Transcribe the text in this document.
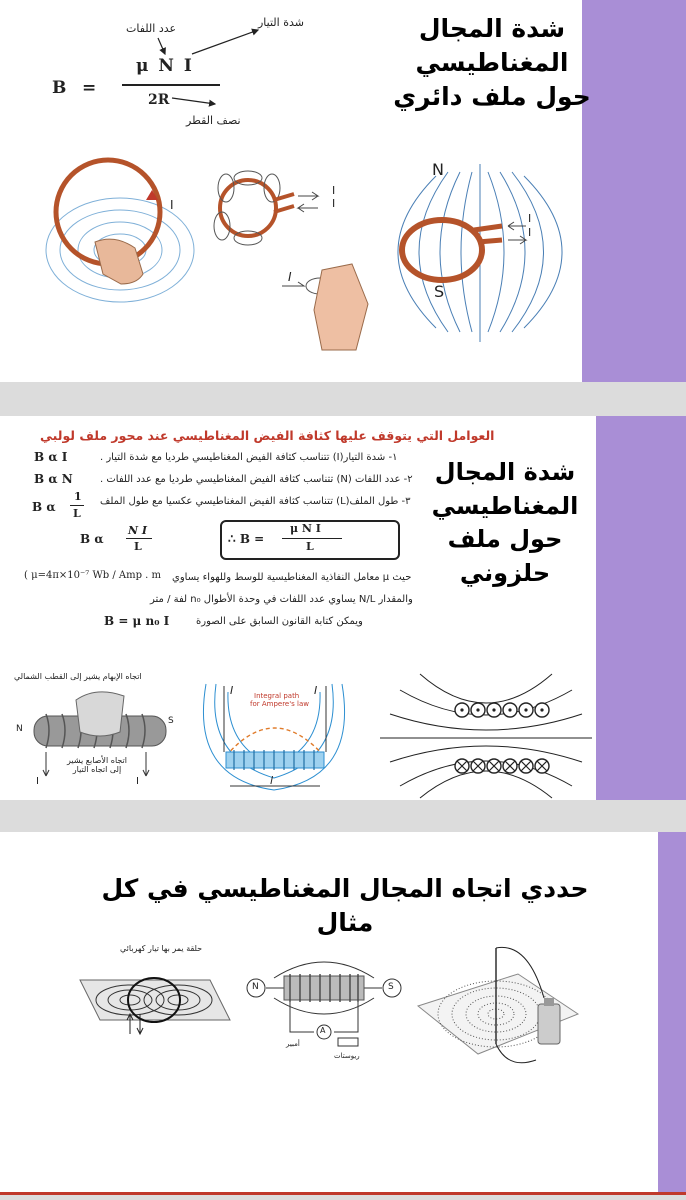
شدة المجال المغناطيسي حول ملف دائري
B =
μ N I
2R
عدد اللفات	شدة التيار
نصف القطر
I
I
I
I
N
S
I
I
شدة المجال المغناطيسي حول ملف حلزوني
العوامل التي يتوقف عليها كثافة الفيض المغناطيسي عند محور ملف لولبي
١- شدة التيار(I) تتناسب كثافة الفيض المغناطيسي طرديا مع شدة التيار .
B α I
٢- عدد اللفات (N) تتناسب كثافة الفيض المغناطيسي طرديا مع عدد اللفات .
B α N
٣- طول الملف(L) تتناسب كثافة الفيض المغناطيسي عكسيا مع طول الملف
B α
1
L
B α
N I
L
∴ B =
μ N I
L
حيث μ معامل النفاذية المغناطيسية للوسط وللهواء يساوي
( μ=4π×10⁻⁷ Wb / Amp . m
والمقدار N/L يساوي عدد اللفات في وحدة الأطوال n₀ لفة / متر
ويمكن كتابة القانون السابق على الصورة
B = μ n₀ I
اتجاه الإبهام يشير إلى القطب الشمالي
اتجاه الأصابع يشير إلى اتجاه التيار
N
S
I	I
Integral path
for Ampere's law
l
I	I
حددي اتجاه المجال المغناطيسي في كل مثال
حلقة يمر بها تيار كهربائي
N	S
A
أمبير
ريوستات
